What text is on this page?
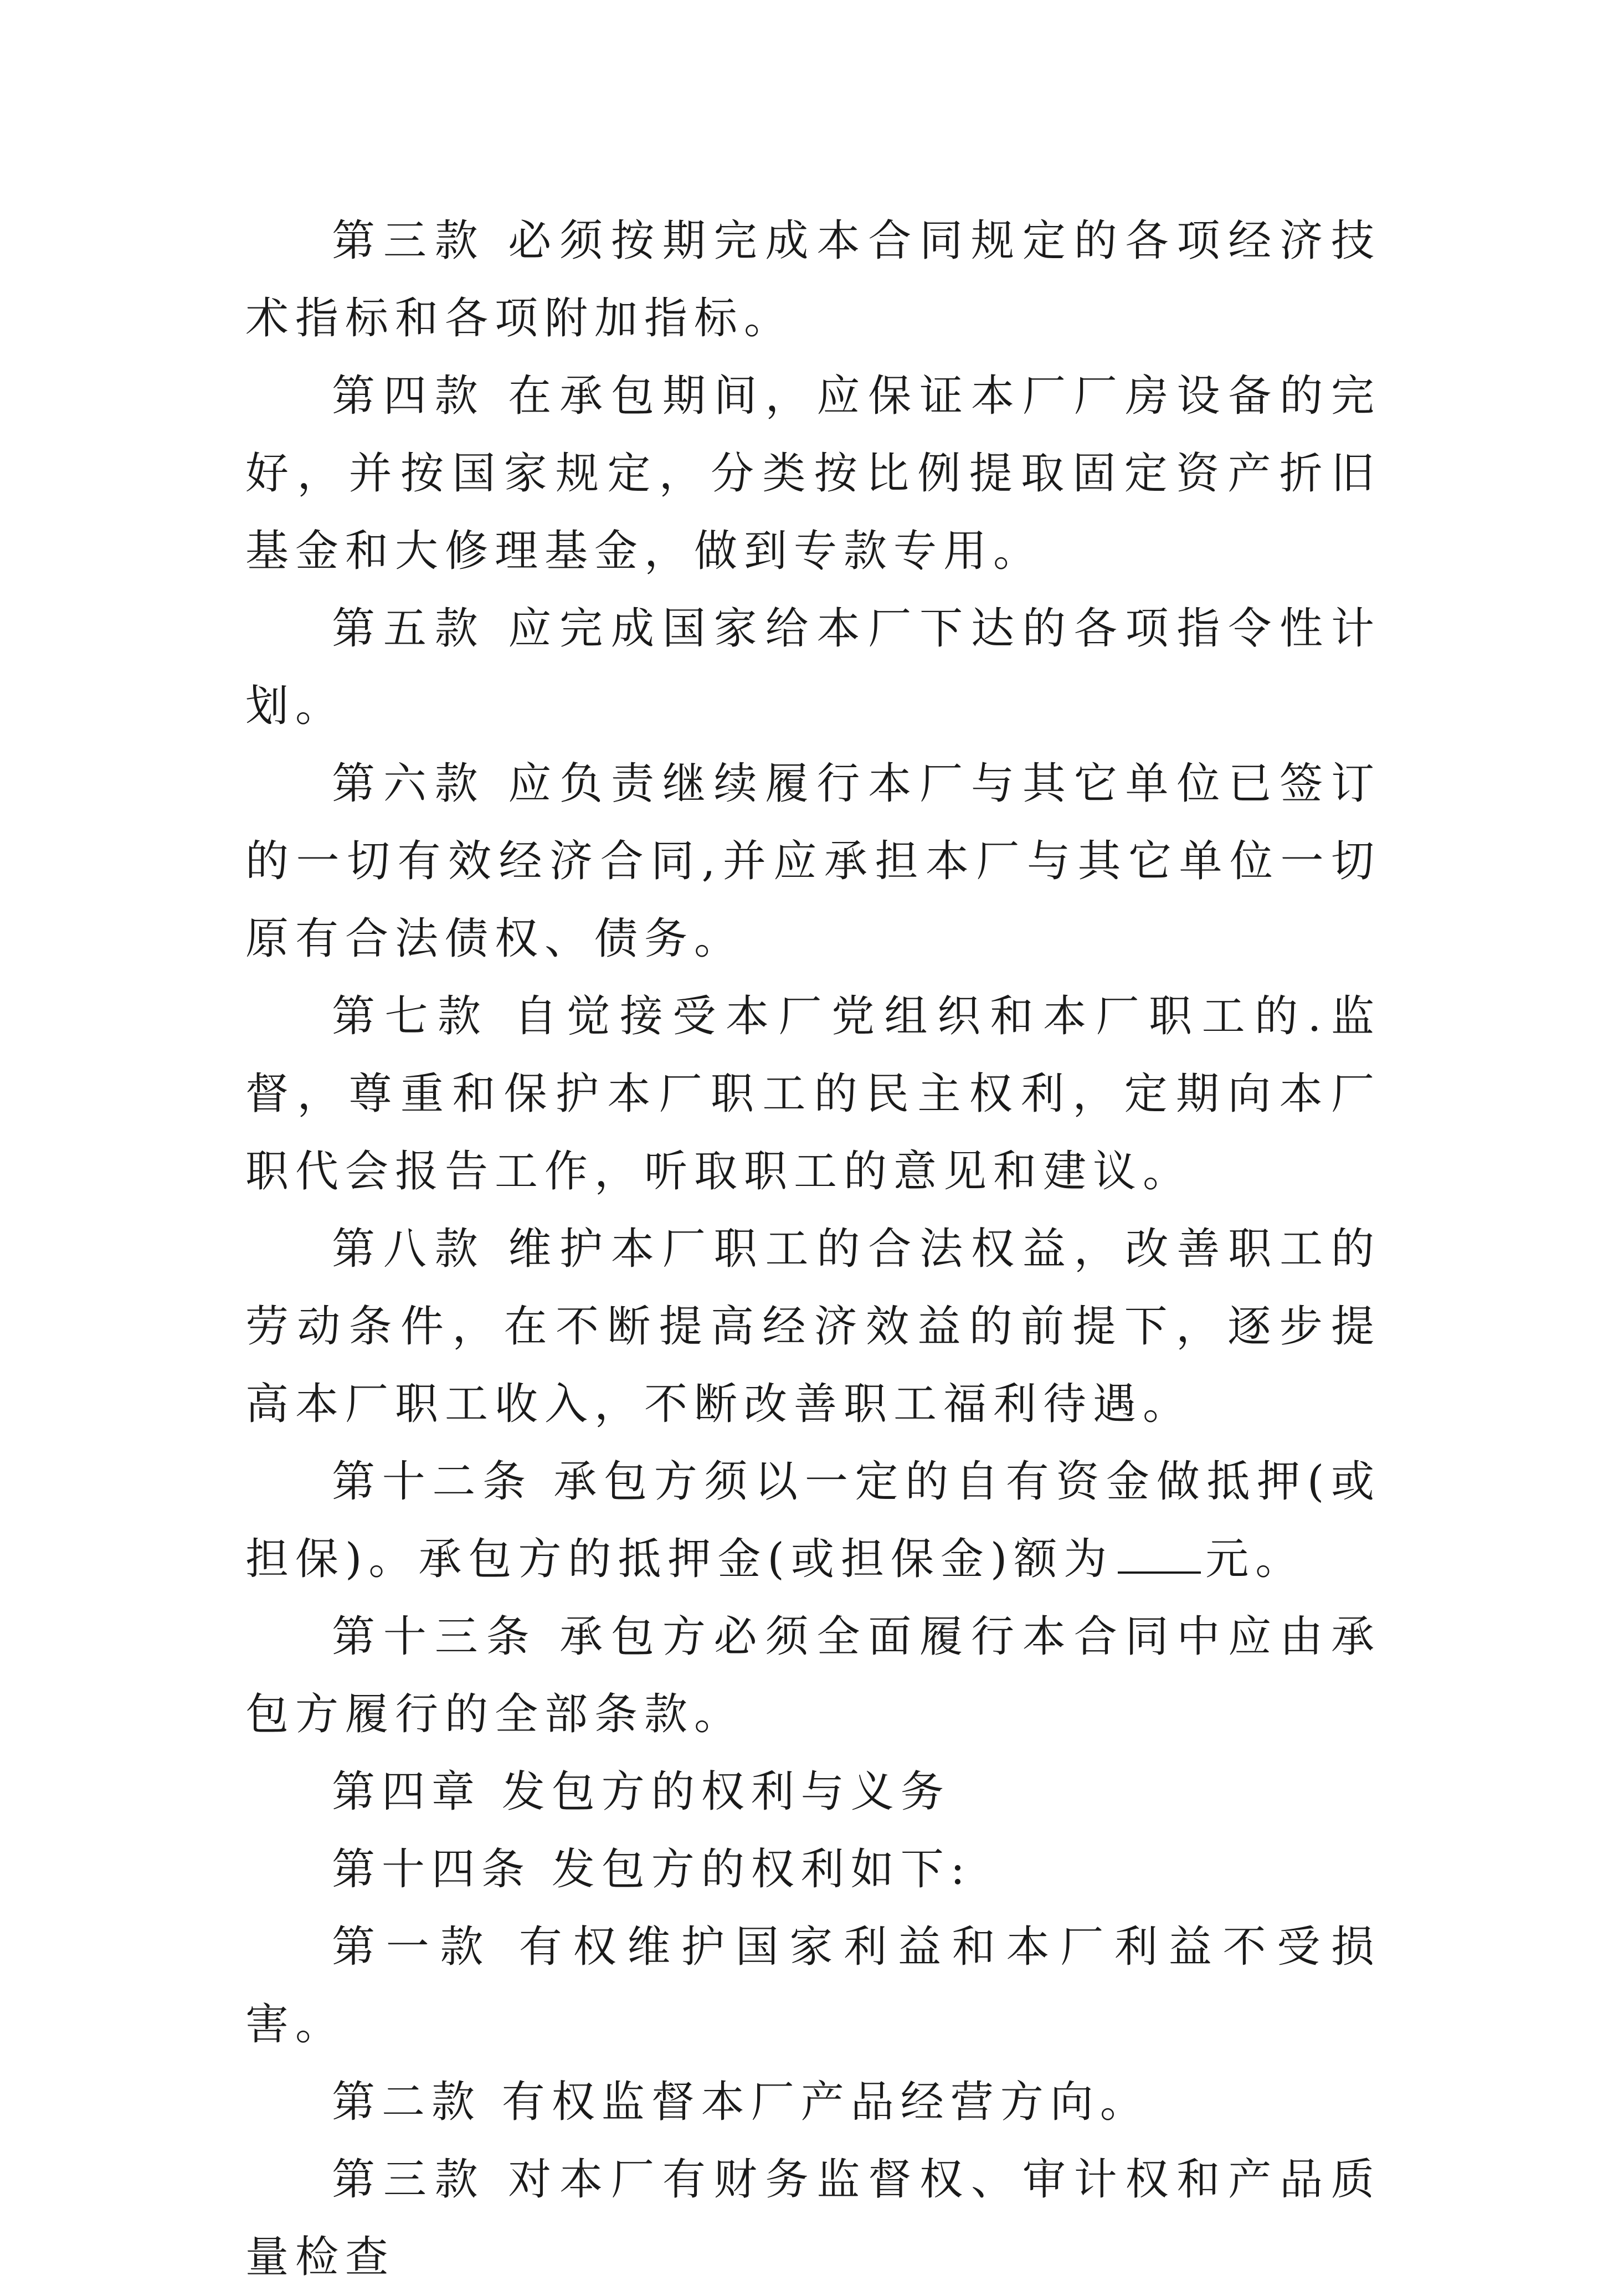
第三款 必须按期完成本合同规定的各项经济技术指标和各项附加指标。

第四款 在承包期间，应保证本厂厂房设备的完好，并按国家规定，分类按比例提取固定资产折旧基金和大修理基金，做到专款专用。

第五款 应完成国家给本厂下达的各项指令性计划。

第六款 应负责继续履行本厂与其它单位已签订的一切有效经济合同,并应承担本厂与其它单位一切原有合法债权、债务。

第七款 自觉接受本厂党组织和本厂职工的.监督，尊重和保护本厂职工的民主权利，定期向本厂职代会报告工作，听取职工的意见和建议。

第八款 维护本厂职工的合法权益，改善职工的劳动条件，在不断提高经济效益的前提下，逐步提高本厂职工收入，不断改善职工福利待遇。

第十二条 承包方须以一定的自有资金做抵押(或担保)。承包方的抵押金(或担保金)额为 元。

第十三条 承包方必须全面履行本合同中应由承包方履行的全部条款。

第四章 发包方的权利与义务

第十四条 发包方的权利如下:

第一款 有权维护国家利益和本厂利益不受损害。

第二款 有权监督本厂产品经营方向。

第三款 对本厂有财务监督权、审计权和产品质量检查
